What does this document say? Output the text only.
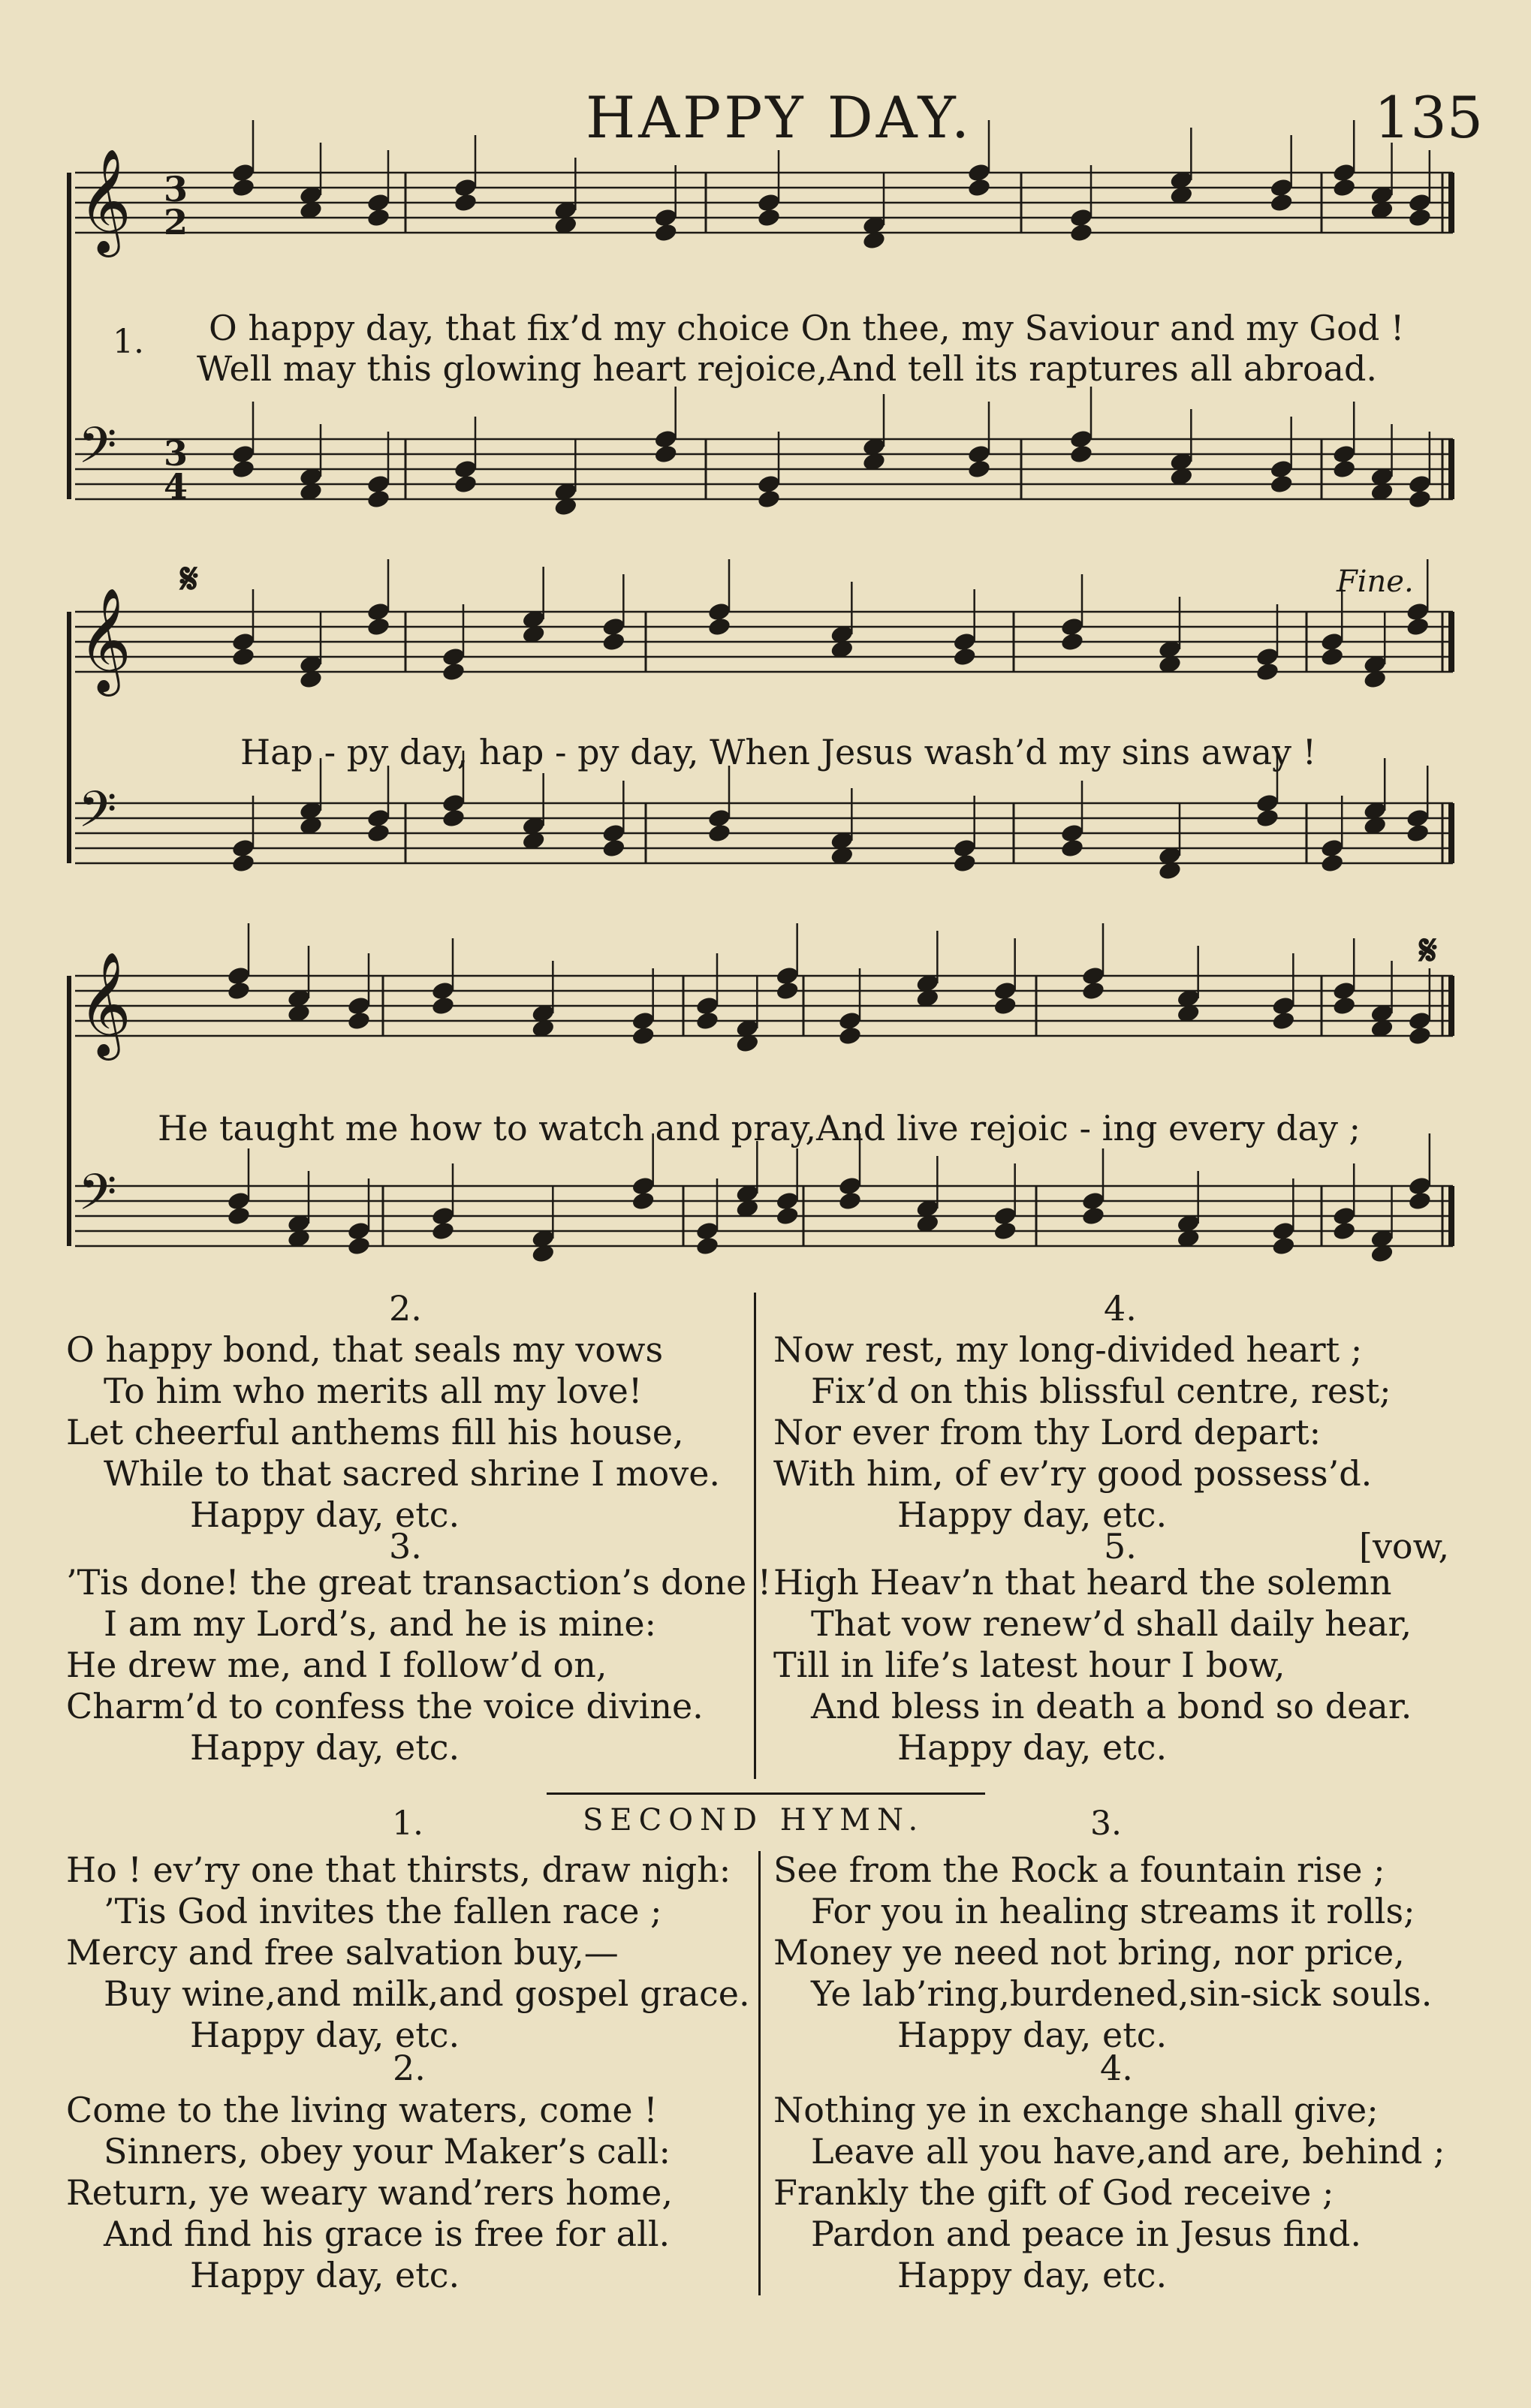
HAPPY DAY.	135
𝄞
𝄢
𝄞
𝄢
𝄞
𝄢
3
2
3
4
𝄋
𝄋
1. O happy day, that fix’d my choice On thee, my Saviour and my God !
Well may this glowing heart rejoice,And tell its raptures all abroad.
Hap - py day, hap - py day, When Jesus wash’d my sins away !
Fine.
He taught me how to watch and pray,And live rejoic - ing every day ;
2.
O happy bond, that seals my vows
To him who merits all my love!
Let cheerful anthems fill his house,
While to that sacred shrine I move.
Happy day, etc.
3.
’Tis done! the great transaction’s done !
I am my Lord’s, and he is mine:
He drew me, and I follow’d on,
Charm’d to confess the voice divine.
Happy day, etc.
4.
Now rest, my long-divided heart ;
Fix’d on this blissful centre, rest;
Nor ever from thy Lord depart:
With him, of ev’ry good possess’d.
Happy day, etc.
5.	[vow,
High Heav’n that heard the solemn
That vow renew’d shall daily hear,
Till in life’s latest hour I bow,
And bless in death a bond so dear.
Happy day, etc.
1.	SECOND HYMN.	3.
Ho ! ev’ry one that thirsts, draw nigh:
’Tis God invites the fallen race ;
Mercy and free salvation buy,—
Buy wine,and milk,and gospel grace.
Happy day, etc.
2.
Come to the living waters, come !
Sinners, obey your Maker’s call:
Return, ye weary wand’rers home,
And find his grace is free for all.
Happy day, etc.
See from the Rock a fountain rise ;
For you in healing streams it rolls;
Money ye need not bring, nor price,
Ye lab’ring,burdened,sin-sick souls.
Happy day, etc.
4.
Nothing ye in exchange shall give;
Leave all you have,and are, behind ;
Frankly the gift of God receive ;
Pardon and peace in Jesus find.
Happy day, etc.
